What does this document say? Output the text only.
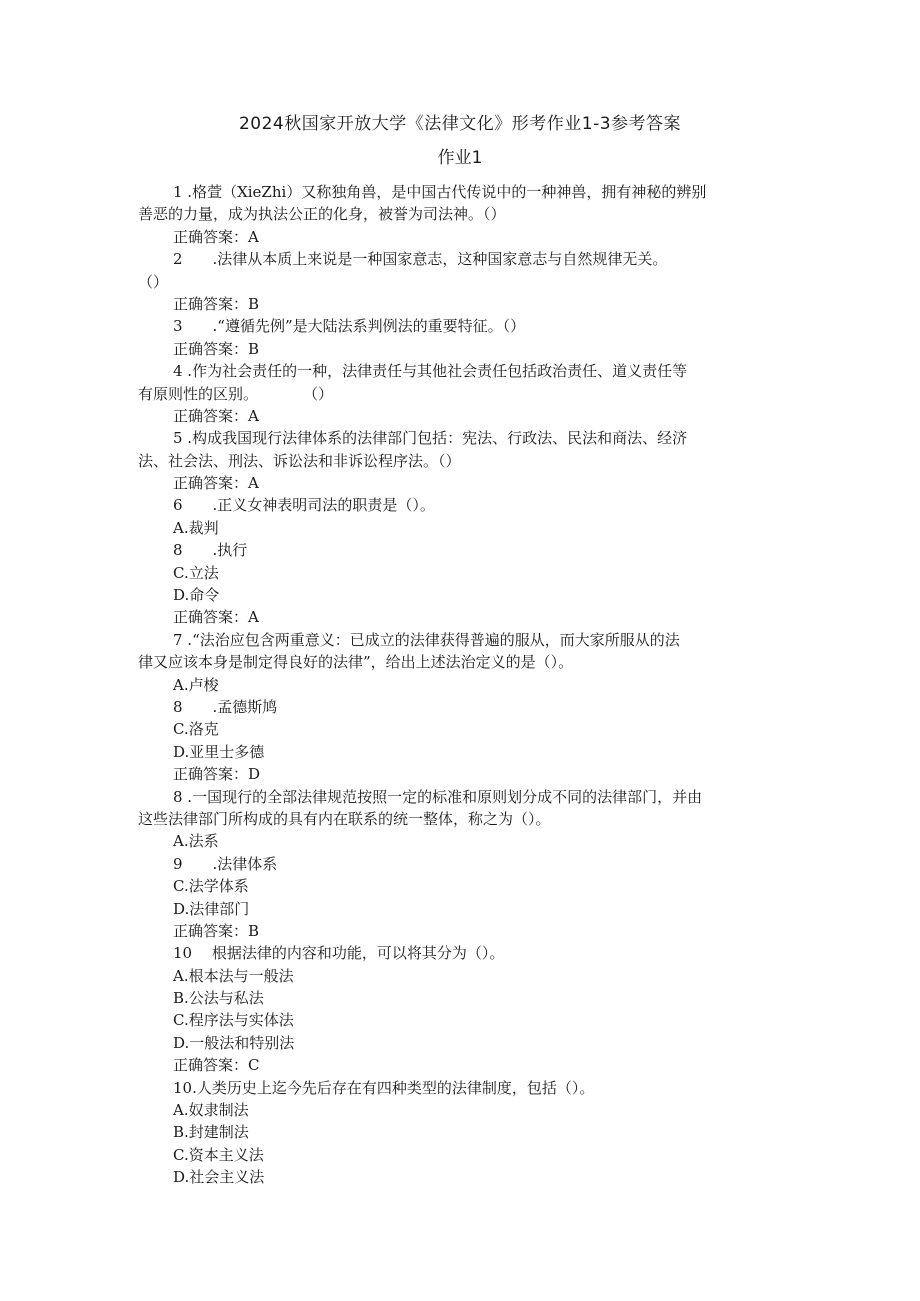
2024秋国家开放大学《法律文化》形考作业1-3参考答案
作业1
1 .格萱（XieZhi）又称独角兽，是中国古代传说中的一种神兽，拥有神秘的辨别
善恶的力量，成为执法公正的化身，被誉为司法神。（）
正确答案：A
2　　.法律从本质上来说是一种国家意志，这种国家意志与自然规律无关。
（）
正确答案：B
3　　.“遵循先例”是大陆法系判例法的重要特征。（）
正确答案：B
4 .作为社会责任的一种，法律责任与其他社会责任包括政治责任、道义责任等
有原则性的区别。　　　　（）
正确答案：A
5 .构成我国现行法律体系的法律部门包括：宪法、行政法、民法和商法、经济
法、社会法、刑法、诉讼法和非诉讼程序法。（）
正确答案：A
6　　.正义女神表明司法的职责是（）。
A.裁判
8　　.执行
C.立法
D.命令
正确答案：A
7 .“法治应包含两重意义：已成立的法律获得普遍的服从，而大家所服从的法
律又应该本身是制定得良好的法律”，给出上述法治定义的是（）。
A.卢梭
8　　.孟德斯鸠
C.洛克
D.亚里士多德
正确答案：D
8 .一国现行的全部法律规范按照一定的标准和原则划分成不同的法律部门，并由
这些法律部门所构成的具有内在联系的统一整体，称之为（）。
A.法系
9　　.法律体系
C.法学体系
D.法律部门
正确答案：B
10　 根据法律的内容和功能，可以将其分为（）。
A.根本法与一般法
B.公法与私法
C.程序法与实体法
D.一般法和特别法
正确答案：C
10.人类历史上迄今先后存在有四种类型的法律制度，包括（）。
A.奴隶制法
B.封建制法
C.资本主义法
D.社会主义法
